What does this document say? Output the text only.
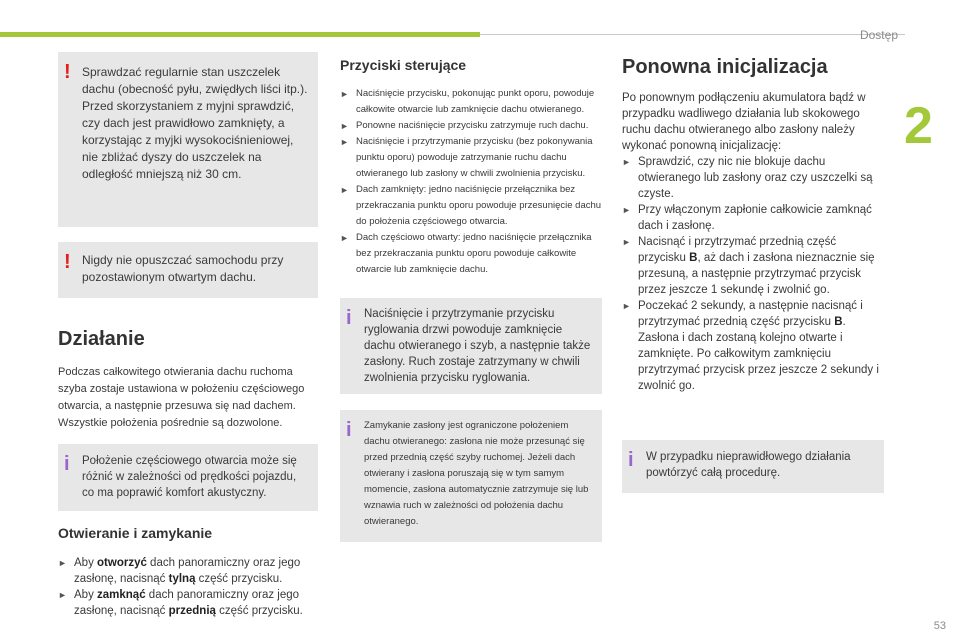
Dostęp
2
53
! Sprawdzać regularnie stan uszczelek dachu (obecność pyłu, zwiędłych liści itp.). Przed skorzystaniem z myjni sprawdzić, czy dach jest prawidłowo zamknięty, a korzystając z myjki wysokociśnieniowej, nie zbliżać dyszy do uszczelek na odległość mniejszą niż 30 cm.
! Nigdy nie opuszczać samochodu przy pozostawionym otwartym dachu.
Działanie

Podczas całkowitego otwierania dachu ruchoma szyba zostaje ustawiona w położeniu częściowego otwarcia, a następnie przesuwa się nad dachem. Wszystkie położenia pośrednie są dozwolone.

i Położenie częściowego otwarcia może się różnić w zależności od prędkości pojazdu, co ma poprawić komfort akustyczny.
Otwieranie i zamykanie
► Aby otworzyć dach panoramiczny oraz jego zasłonę, nacisnąć tylną część przycisku.
► Aby zamknąć dach panoramiczny oraz jego zasłonę, nacisnąć przednią część przycisku.
Przyciski sterujące
► Naciśnięcie przycisku, pokonując punkt oporu, powoduje całkowite otwarcie lub zamknięcie dachu otwieranego.
► Ponowne naciśnięcie przycisku zatrzymuje ruch dachu.
► Naciśnięcie i przytrzymanie przycisku (bez pokonywania punktu oporu) powoduje zatrzymanie ruchu dachu otwieranego lub zasłony w chwili zwolnienia przycisku.
► Dach zamknięty: jedno naciśnięcie przełącznika bez przekraczania punktu oporu powoduje przesunięcie dachu do położenia częściowego otwarcia.
► Dach częściowo otwarty: jedno naciśnięcie przełącznika bez przekraczania punktu oporu powoduje całkowite otwarcie lub zamknięcie dachu.
i Naciśnięcie i przytrzymanie przycisku ryglowania drzwi powoduje zamknięcie dachu otwieranego i szyb, a następnie także zasłony. Ruch zostaje zatrzymany w chwili zwolnienia przycisku ryglowania.
i Zamykanie zasłony jest ograniczone położeniem dachu otwieranego: zasłona nie może przesunąć się przed przednią część szyby ruchomej. Jeżeli dach otwierany i zasłona poruszają się w tym samym momencie, zasłona automatycznie zatrzymuje się lub wznawia ruch w zależności od położenia dachu otwieranego.
Ponowna inicjalizacja

Po ponownym podłączeniu akumulatora bądź w przypadku wadliwego działania lub skokowego ruchu dachu otwieranego albo zasłony należy wykonać ponowną inicjalizację:

► Sprawdzić, czy nic nie blokuje dachu otwieranego lub zasłony oraz czy uszczelki są czyste.
► Przy włączonym zapłonie całkowicie zamknąć dach i zasłonę.
► Nacisnąć i przytrzymać przednią część przycisku B, aż dach i zasłona nieznacznie się przesuną, a następnie przytrzymać przycisk przez jeszcze 1 sekundę i zwolnić go.
► Poczekać 2 sekundy, a następnie nacisnąć i przytrzymać przednią część przycisku B. Zasłona i dach zostaną kolejno otwarte i zamknięte. Po całkowitym zamknięciu przytrzymać przycisk przez jeszcze 2 sekundy i zwolnić go.
i W przypadku nieprawidłowego działania powtórzyć całą procedurę.
